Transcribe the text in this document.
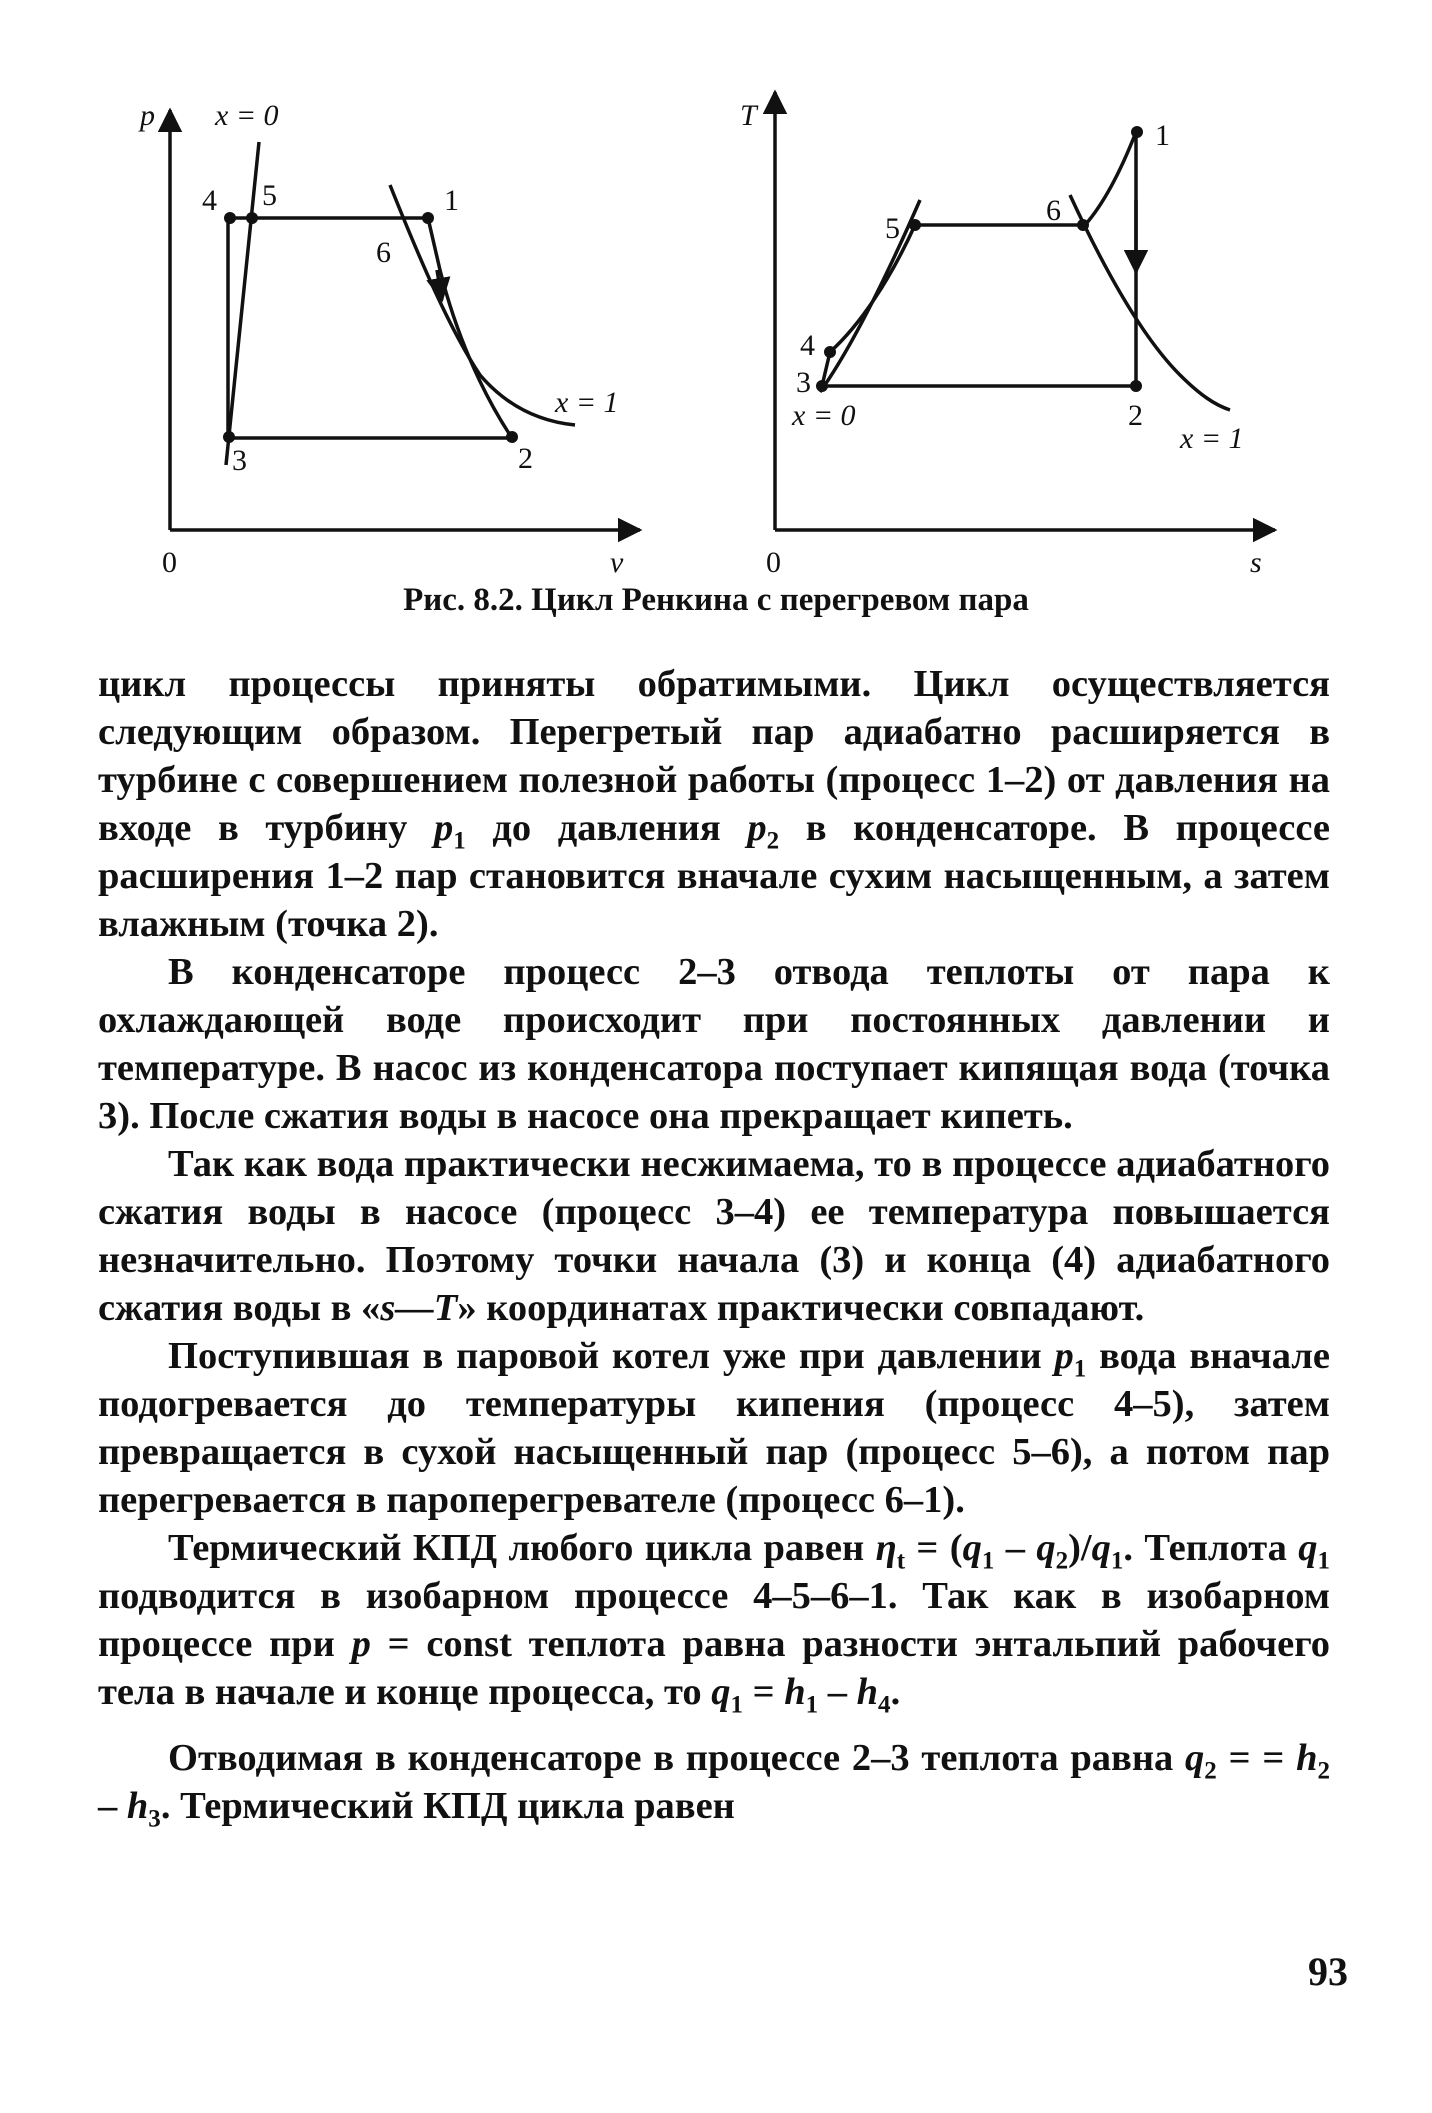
p
v
0
x = 0
x = 1
4 5
6
1
3	2
T
s
0
1
5
6
4
3
x = 0	2
x = 1
Рис. 8.2. Цикл Ренкина с перегревом пара

цикл процессы приняты обратимыми. Цикл осуществляется следующим образом. Перегретый пар адиабатно расширяется в турбине с совершением полезной работы (процесс 1–2) от давления на входе в турбину $p_1$ до давления $p_2$ в конденсаторе. В процессе расширения 1–2 пар становится вначале сухим насыщенным, а затем влажным (точка 2).

В конденсаторе процесс 2–3 отвода теплоты от пара к охлаждающей воде происходит при постоянных давлении и температуре. В насос из конденсатора поступает кипящая вода (точка 3). После сжатия воды в насосе она прекращает кипеть.

Так как вода практически несжимаема, то в процессе адиабатного сжатия воды в насосе (процесс 3–4) ее температура повышается незначительно. Поэтому точки начала (3) и конца (4) адиабатного сжатия воды в «s—T» координатах практически совпадают.

Поступившая в паровой котел уже при давлении $p_1$ вода вначале подогревается до температуры кипения (процесс 4–5), затем превращается в сухой насыщенный пар (процесс 5–6), а потом пар перегревается в пароперегревателе (процесс 6–1).

Термический КПД любого цикла равен $\eta_t = (q_1 - q_2)/q_1$. Теплота $q_1$ подводится в изобарном процессе 4–5–6–1. Так как в изобарном процессе при p = const теплота равна разности энтальпий рабочего тела в начале и конце процесса, то $q_1 = h_1 - h_4$.

Отводимая в конденсаторе в процессе 2–3 теплота равна $q_2$ = = $h_2 - h_3$. Термический КПД цикла равен

93
